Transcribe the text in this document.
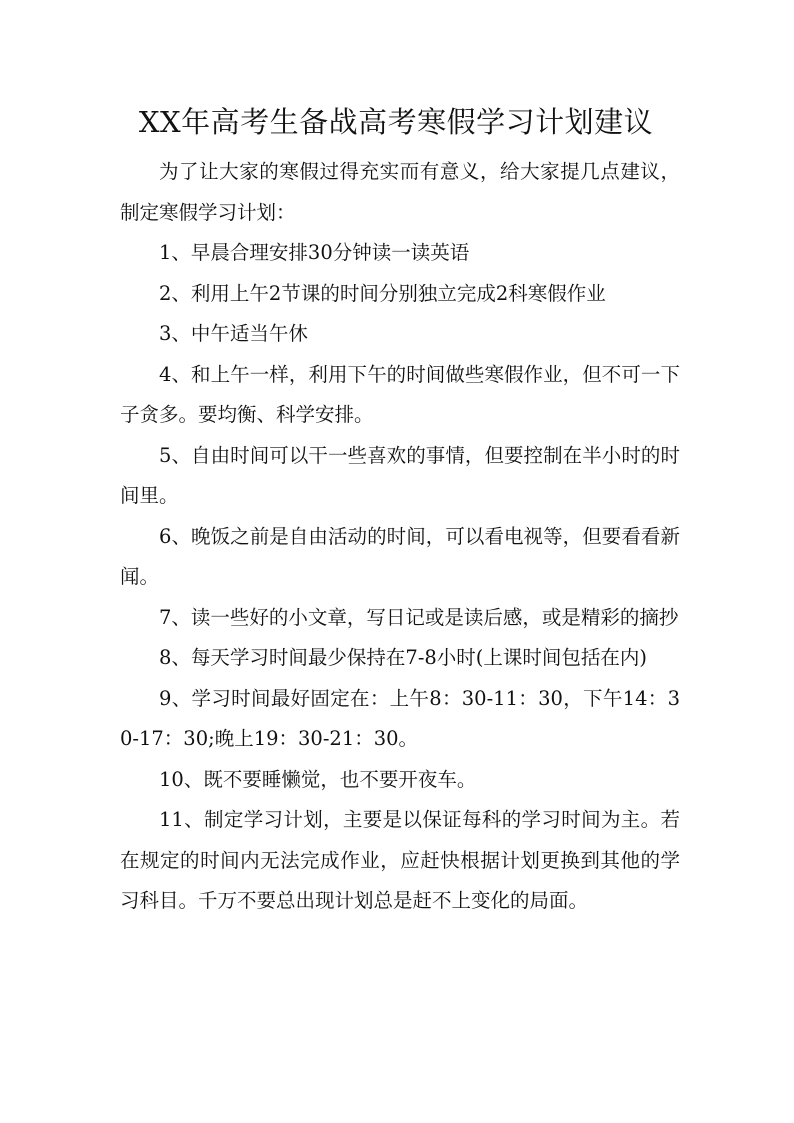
XX年高考生备战高考寒假学习计划建议

为了让大家的寒假过得充实而有意义，给大家提几点建议，制定寒假学习计划：

1、早晨合理安排30分钟读一读英语

2、利用上午2节课的时间分别独立完成2科寒假作业

3、中午适当午休

4、和上午一样，利用下午的时间做些寒假作业，但不可一下子贪多。要均衡、科学安排。

5、自由时间可以干一些喜欢的事情，但要控制在半小时的时间里。

6、晚饭之前是自由活动的时间，可以看电视等，但要看看新闻。

7、读一些好的小文章，写日记或是读后感，或是精彩的摘抄

8、每天学习时间最少保持在7-8小时(上课时间包括在内)

9、学习时间最好固定在：上午8：30-11：30，下午14：30-17：30;晚上19：30-21：30。

10、既不要睡懒觉，也不要开夜车。

11、制定学习计划，主要是以保证每科的学习时间为主。若在规定的时间内无法完成作业，应赶快根据计划更换到其他的学习科目。千万不要总出现计划总是赶不上变化的局面。
